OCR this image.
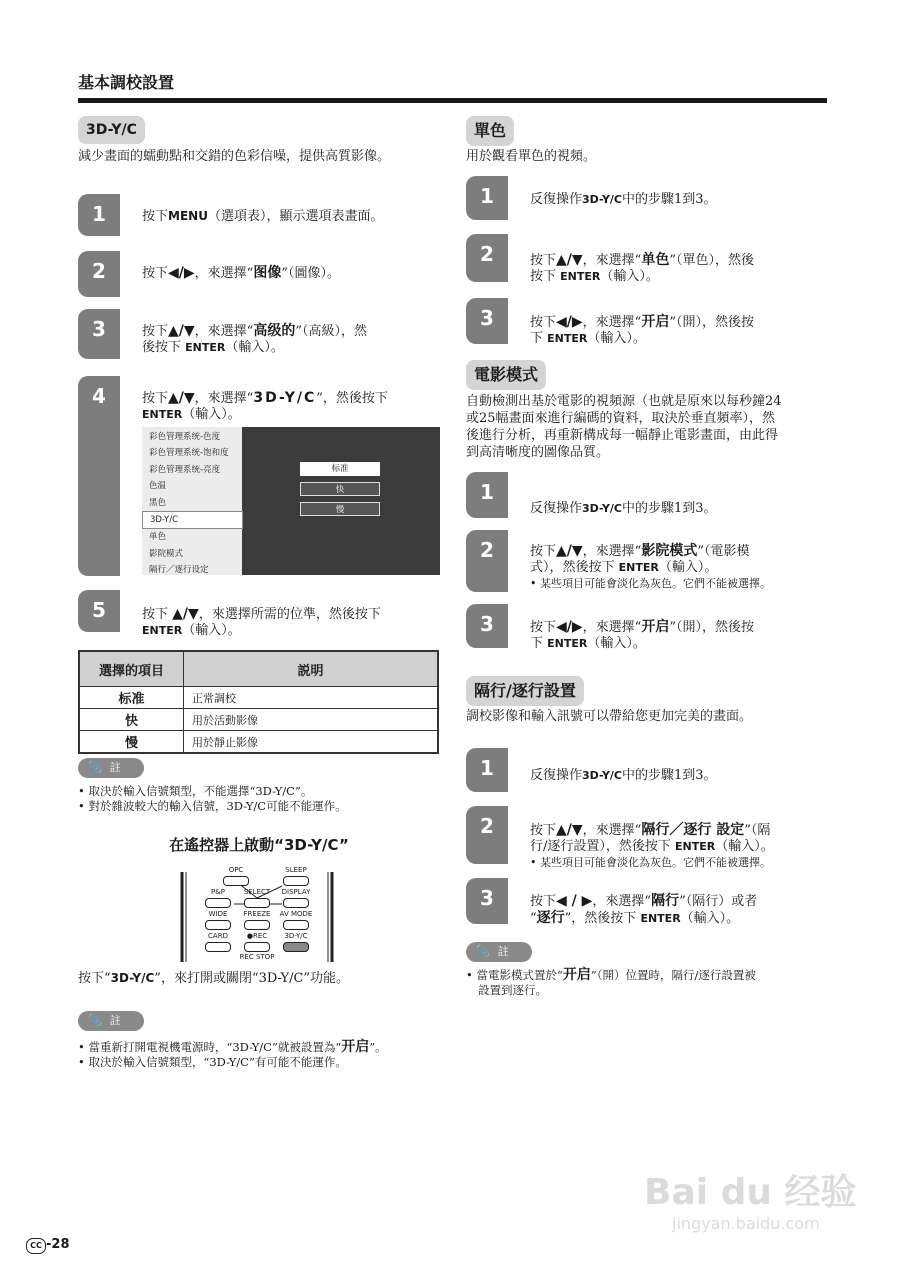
基本調校設置
3D-Y/C
減少畫面的蠕動點和交錯的色彩信噪，提供高質影像。
1	按下MENU（選項表），顯示選項表畫面。
2	按下◀/▶，來選擇“图像”（圖像）。
3	按下▲/▼，來選擇“高级的”（高級），然
後按下 ENTER（輸入）。
4	按下▲/▼，來選擇“3D-Y/C”，然後按下
ENTER（輸入）。
彩色管理系统-色度
彩色管理系统-饱和度
彩色管理系统-亮度
色温
黑色
3D-Y/C
单色
影院模式
隔行／逐行设定
标准
快
慢
5	按下 ▲/▼，來選擇所需的位準，然後按下
ENTER（輸入）。
選擇的項目	説明
标准	正常調校
快	用於活動影像
慢	用於靜止影像
📎 註
• 取決於輸入信號類型，不能選擇“3D-Y/C”。
• 對於雜波較大的輸入信號，3D-Y/C可能不能運作。
在遙控器上啟動“3D-Y/C”
OPC	SLEEP
P&P	SELECT	DISPLAY
WIDE	FREEZE	AV MODE
CARD	●REC	3D-Y/C
REC STOP
按下“3D-Y/C”，來打開或關閉“3D-Y/C”功能。
📎 註
• 當重新打開電視機電源時，“3D-Y/C”就被設置為“开启”。
• 取決於輸入信號類型，“3D-Y/C”有可能不能運作。
單色
用於觀看單色的視頻。
1	反復操作3D-Y/C中的步驟1到3。
2	按下▲/▼，來選擇“单色”（單色），然後
按下 ENTER（輸入）。
3	按下◀/▶，來選擇“开启”（開），然後按
下 ENTER（輸入）。
電影模式
自動檢測出基於電影的視頻源（也就是原來以每秒鐘24
或25幅畫面來進行編碼的資料，取決於垂直頻率），然
後進行分析，再重新構成每一幅靜止電影畫面，由此得
到高清晰度的圖像品質。
1
反復操作3D-Y/C中的步驟1到3。
2	按下▲/▼，來選擇“影院模式”（電影模
式），然後按下 ENTER（輸入）。
• 某些項目可能會淡化為灰色。它們不能被選擇。
3	按下◀/▶，來選擇“开启”（開），然後按
下 ENTER（輸入）。
隔行/逐行設置
調校影像和輸入訊號可以帶給您更加完美的畫面。
1	反復操作3D-Y/C中的步驟1到3。
2	按下▲/▼，來選擇“隔行／逐行 設定”（隔
行/逐行設置），然後按下 ENTER（輸入）。
• 某些項目可能會淡化為灰色。它們不能被選擇。
3	按下◀ / ▶，來選擇“隔行”（隔行）或者
“逐行”，然後按下 ENTER（輸入）。
📎 註
• 當電影模式置於“开启”（開）位置時，隔行/逐行設置被
設置到逐行。
Bai du 经验
jingyan.baidu.com
CC -28
